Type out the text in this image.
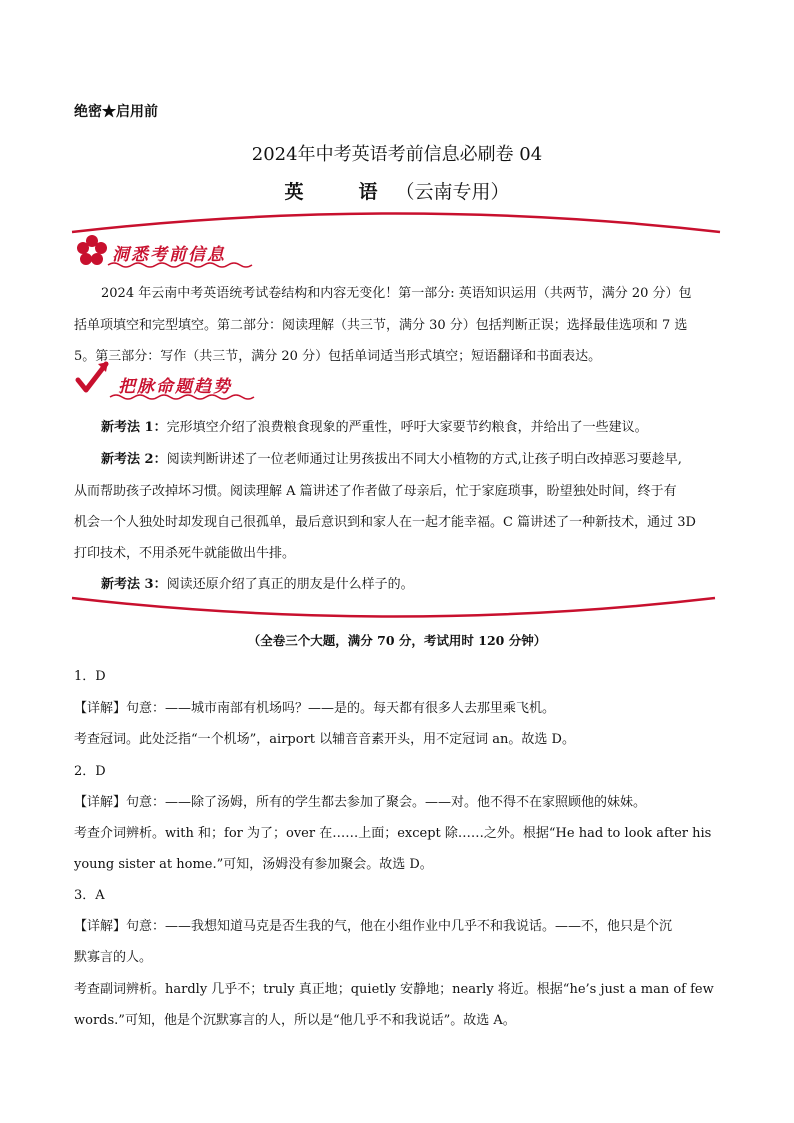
绝密★启用前
2024年中考英语考前信息必刷卷 04
英　语（云南专用）
洞悉考前信息
把脉命题趋势
2024 年云南中考英语统考试卷结构和内容无变化！第一部分: 英语知识运用（共两节，满分 20 分）包
括单项填空和完型填空。第二部分：阅读理解（共三节，满分 30 分）包括判断正误；选择最佳选项和 7 选
5。第三部分：写作（共三节，满分 20 分）包括单词适当形式填空；短语翻译和书面表达。
新考法 1：完形填空介绍了浪费粮食现象的严重性，呼吁大家要节约粮食，并给出了一些建议。
新考法 2：阅读判断讲述了一位老师通过让男孩拔出不同大小植物的方式,让孩子明白改掉恶习要趁早,
从而帮助孩子改掉坏习惯。阅读理解 A 篇讲述了作者做了母亲后，忙于家庭琐事，盼望独处时间，终于有
机会一个人独处时却发现自己很孤单，最后意识到和家人在一起才能幸福。C 篇讲述了一种新技术，通过 3D
打印技术，不用杀死牛就能做出牛排。
新考法 3：阅读还原介绍了真正的朋友是什么样子的。
（全卷三个大题，满分 70 分，考试用时 120 分钟）
1．D
【详解】句意：——城市南部有机场吗？——是的。每天都有很多人去那里乘飞机。
考查冠词。此处泛指“一个机场”，airport 以辅音音素开头，用不定冠词 an。故选 D。
2．D
【详解】句意：——除了汤姆，所有的学生都去参加了聚会。——对。他不得不在家照顾他的妹妹。
考查介词辨析。with 和；for 为了；over 在……上面；except 除……之外。根据“He had to look after his
young sister at home.”可知，汤姆没有参加聚会。故选 D。
3．A
【详解】句意：——我想知道马克是否生我的气，他在小组作业中几乎不和我说话。——不，他只是个沉
默寡言的人。
考查副词辨析。hardly 几乎不；truly 真正地；quietly 安静地；nearly 将近。根据“he’s just a man of few
words.”可知，他是个沉默寡言的人，所以是“他几乎不和我说话”。故选 A。
